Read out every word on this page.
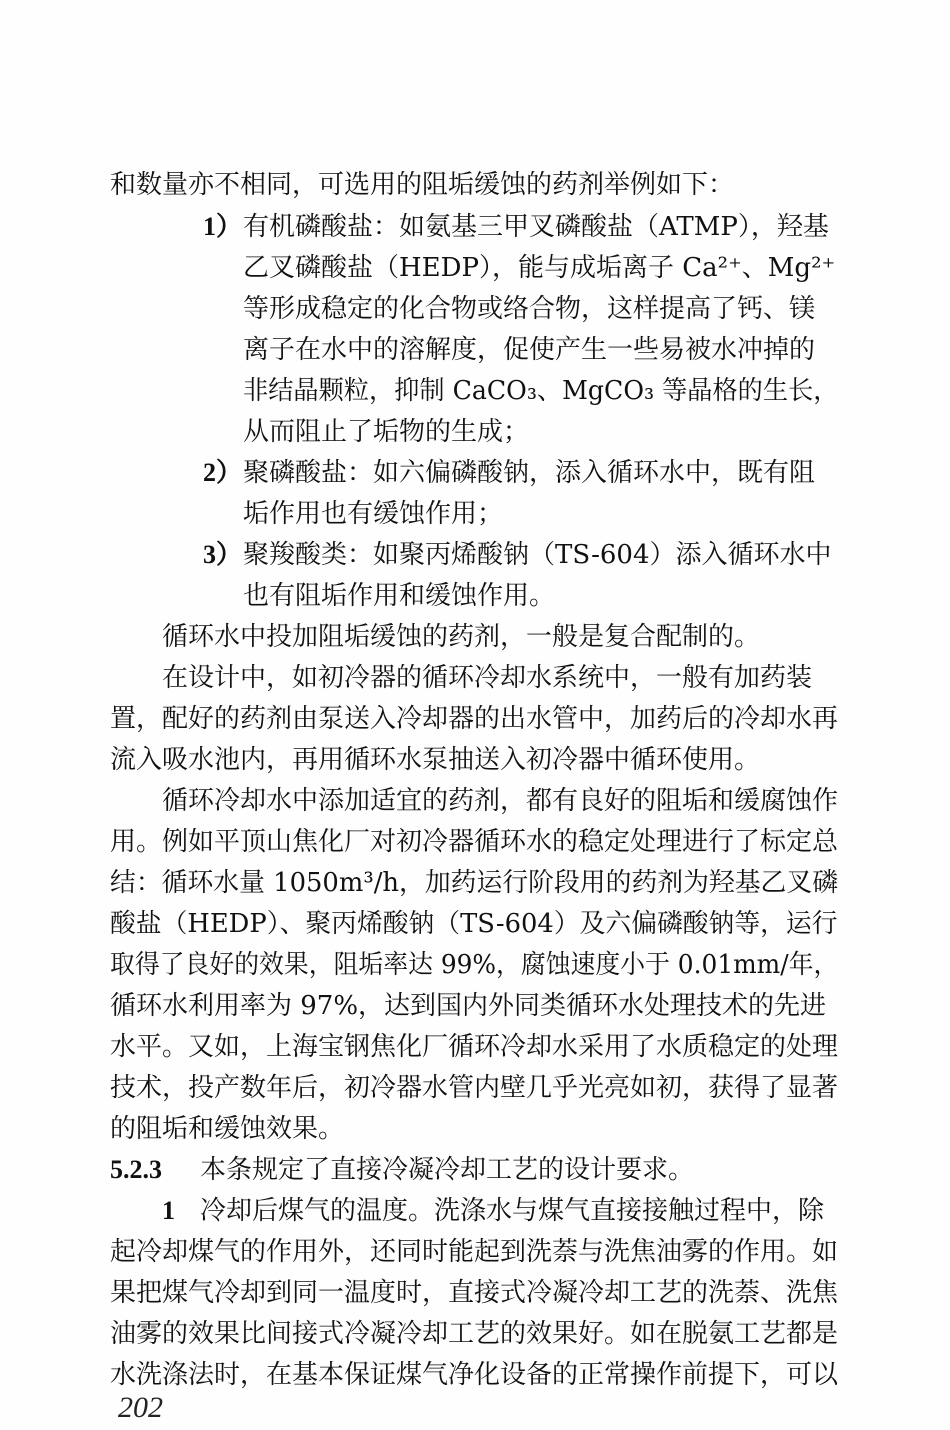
和数量亦不相同，可选用的阻垢缓蚀的药剂举例如下：
1） 有机磷酸盐：如氨基三甲叉磷酸盐（ATMP），羟基
乙叉磷酸盐（HEDP），能与成垢离子 Ca²⁺、Mg²⁺
等形成稳定的化合物或络合物，这样提高了钙、镁
离子在水中的溶解度，促使产生一些易被水冲掉的
非结晶颗粒，抑制 CaCO₃、MgCO₃ 等晶格的生长，
从而阻止了垢物的生成；
2） 聚磷酸盐：如六偏磷酸钠，添入循环水中，既有阻
垢作用也有缓蚀作用；
3） 聚羧酸类：如聚丙烯酸钠（TS-604）添入循环水中
也有阻垢作用和缓蚀作用。
循环水中投加阻垢缓蚀的药剂，一般是复合配制的。
在设计中，如初冷器的循环冷却水系统中，一般有加药装
置，配好的药剂由泵送入冷却器的出水管中，加药后的冷却水再
流入吸水池内，再用循环水泵抽送入初冷器中循环使用。
循环冷却水中添加适宜的药剂，都有良好的阻垢和缓腐蚀作
用。例如平顶山焦化厂对初冷器循环水的稳定处理进行了标定总
结：循环水量 1050m³/h，加药运行阶段用的药剂为羟基乙叉磷
酸盐（HEDP）、聚丙烯酸钠（TS-604）及六偏磷酸钠等，运行
取得了良好的效果，阻垢率达 99%，腐蚀速度小于 0.01mm/年，
循环水利用率为 97%，达到国内外同类循环水处理技术的先进
水平。又如，上海宝钢焦化厂循环冷却水采用了水质稳定的处理
技术，投产数年后，初冷器水管内壁几乎光亮如初，获得了显著
的阻垢和缓蚀效果。
5.2.3 本条规定了直接冷凝冷却工艺的设计要求。
1 冷却后煤气的温度。洗涤水与煤气直接接触过程中，除
起冷却煤气的作用外，还同时能起到洗萘与洗焦油雾的作用。如
果把煤气冷却到同一温度时，直接式冷凝冷却工艺的洗萘、洗焦
油雾的效果比间接式冷凝冷却工艺的效果好。如在脱氨工艺都是
水洗涤法时，在基本保证煤气净化设备的正常操作前提下，可以
202
